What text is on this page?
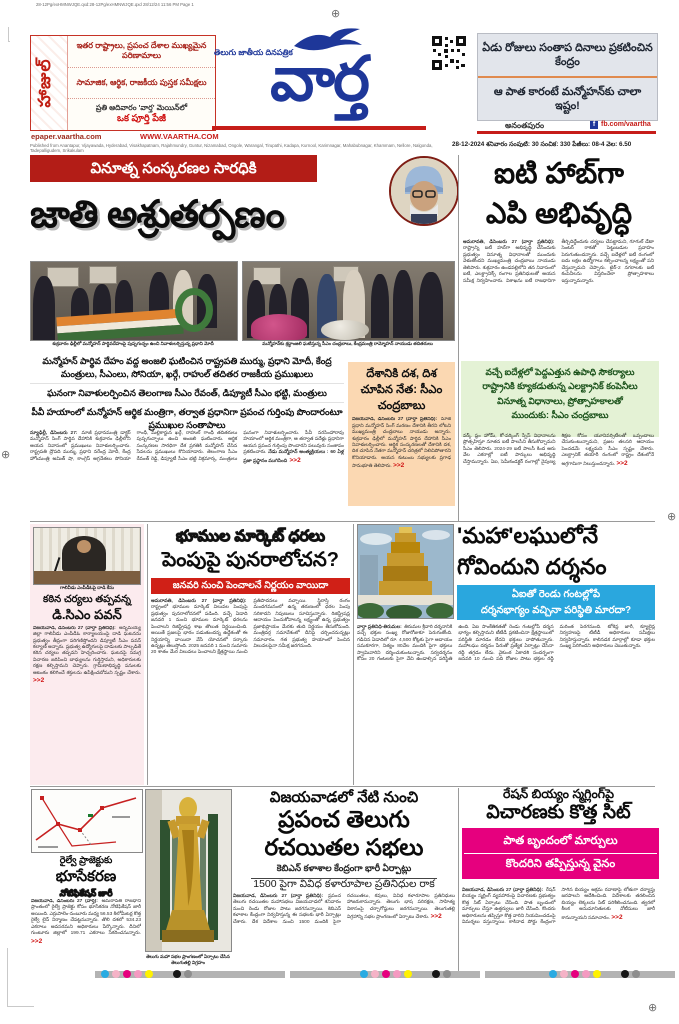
28-12Pg/exHMNWJQE.qxd:28-12Pg/exHMNWJQE.qxd 28/12/24 11:56 PM Page 1
⊕
⊕
⊕
⊕
హాజుల్
ఇతర రాష్ట్రాలు, ప్రపంచ దేశాల ముఖ్యమైన పరిణామాలు
సామాజిక, ఆర్థిక, రాజకీయ పుస్తక సమీక్షలు
ప్రతి ఆదివారం 'వార్త' మెయిన్‌లో
ఒక పూర్తి పేజీ
epaper.vaartha.com	WWW.VAARTHA.COM
తెలుగు జాతీయ దినపత్రిక
వార్త	ఏడు రోజులు సంతాప దినాలు ప్రకటించిన కేంద్రం
ఆ పాత కారంటే మన్మోహన్‌కు చాలా ఇష్టం!
అనంతపురం	f fb.com/vaartha
Published from Anantapur, Vijayawada, Hyderabad, Visakhapatnam, Rajahmundry, Guntur, Nizamabad, Ongole, Warangal, Tirupathi, Kadapa, Kurnool, Karimnagar, Mahabubnagar, Khammam, Nellore, Nalgonda, Tadepalligudem, Srikakulam
28-12-2024 శనివారం సంపుటి: 30 సంచిక: 330 పేజీలు: 08-4 వెల: 6.50
వినూత్న సంస్కరణల సారధికి
జాతి అశ్రుతర్పణం
శుక్రవారం ఢిల్లీలో మన్మోహన్ పార్థివదేహంపై పుష్పగుచ్ఛం ఉంచి నివాళులర్పిస్తున్న ప్రధాని మోదీ	మన్మోహన్‌కు శ్రద్ధాంజలి ఘటిస్తున్న సీఎం చంద్రబాబు, కేంద్రమంత్రి రామ్మోహన్ నాయుడు తదితరులు

మన్మోహన్ పార్థివ దేహం వద్ద అంజలి ఘటించిన రాష్ట్రపతి ముర్ము, ప్రధాని మోదీ, కేంద్ర మంత్రులు, సీఎంలు, సోనియా, ఖర్గే, రాహుల్ తదితర రాజకీయ ప్రముఖులు

ఘనంగా నివాళులర్పించిన తెలంగాణ సీఎం రేవంత్, డిప్యూటీ సీఎం భట్టి, మంత్రులు

పీవీ హయాంలో మన్మోహన్ ఆర్థిక మంత్రిగా, తర్వాత ప్రధానిగా ప్రపంచ గుర్తింపు పొందారంటూ ప్రముఖుల సంతాపాలు

న్యూఢిల్లీ, డిసెంబరు 27: మాజీ ప్రధానమంత్రి డాక్టర్ మన్మోహన్ సింగ్ పార్థివ దేహానికి శుక్రవారం ఢిల్లీలోని ఆయన నివాసంలో ప్రముఖులు నివాళులర్పించారు. రాష్ట్రపతి ద్రౌపది ముర్ము, ప్రధాని నరేంద్ర మోదీ, కేంద్ర హోంమంత్రి అమిత్ షా, కాంగ్రెస్ అగ్రనేతలు సోనియా గాంధీ, మల్లికార్జున ఖర్గే, రాహుల్ గాంధీ తదితరులు పుష్పగుచ్ఛాలు ఉంచి అంజలి ఘటించారు. ఆర్థిక సంస్కరణల సారధిగా దేశ ప్రగతికి మన్మోహన్ చేసిన సేవలను ప్రముఖులు కొనియాడారు. తెలంగాణ సీఎం రేవంత్ రెడ్డి, డిప్యూటీ సీఎం భట్టి విక్రమార్క, మంత్రులు ఘనంగా నివాళులర్పించారు. పీవీ నరసింహారావు హయాంలో ఆర్థిక మంత్రిగా, ఆ తర్వాత పదేళ్లు ప్రధానిగా ఆయన ప్రపంచ గుర్తింపు పొందారని పలువురు సంతాపం ప్రకటించారు. నేడు మన్మోహన్ అంత్యక్రియలు : 60 ఏళ్ల ప్రజా ప్రస్థానం ముగిసింది >>2
దేశానికి దశ, దిశ చూపిన నేత: సీఎం చంద్రబాబు
విజయవాడ, డిసెంబరు 27 (వార్తా ప్రతినిధి): మాజీ ప్రధాని మన్మోహన్ సింగ్ మరణం దేశానికి తీరని లోటని ముఖ్యమంత్రి చంద్రబాబు నాయుడు అన్నారు. శుక్రవారం ఢిల్లీలో మన్మోహన్ పార్థివ దేహానికి సీఎం నివాళులర్పించారు. ఆర్థిక సంస్కరణలతో దేశానికి దశ, దిశ చూపిన నేతగా మన్మోహన్ చరిత్రలో నిలిచిపోతారని కొనియాడారు. ఆయన కుటుంబ సభ్యులకు ప్రగాఢ సానుభూతి తెలిపారు. >>2
ఐటి హాబ్‌గా
ఎపి అభివృద్ధి
అమరావతి, డిసెంబరు 27 (వార్తా ప్రతినిధి): రాష్ట్రాన్ని ఐటీ హబ్‌గా అభివృద్ధి చేసేందుకు ప్రభుత్వం వినూత్న విధానాలతో ముందుకు వెళుతోందని ముఖ్యమంత్రి చంద్రబాబు నాయుడు తెలిపారు. శుక్రవారం ఉండవల్లిలోని తన నివాసంలో ఐటీ, ఎలక్ట్రానిక్స్ రంగాల ప్రతినిధులతో ఆయన సమీక్ష నిర్వహించారు. విశాఖను ఐటీ రాజధానిగా తీర్చిదిద్దేందుకు చర్యలు చేపట్టామని, గూగుల్ డేటా సెంటర్ రాకతో పెట్టుబడుల ప్రవాహం పెరుగుతుందన్నారు. వచ్చే ఐదేళ్లలో ఐటీ రంగంలో ఐదు లక్షల ఉద్యోగాలు కల్పించాలన్న లక్ష్యంతో పని చేస్తున్నామని చెప్పారు. టైర్-2 నగరాలకు ఐటీ కంపెనీలను విస్తరించేలా ప్రోత్సాహకాలు ఇస్తున్నామన్నారు.
వచ్చే ఐదేళ్లలో పెద్దఎత్తున ఉపాధి సౌకర్యాలు
రాష్ట్రానికి క్యూకడుతున్న ఎలక్ట్రానిక్ కంపెనీలు
వినూత్న విధానాలు, ప్రోత్సాహకాలతో
ముందుకు: సీఎం చంద్రబాబు
వర్క్ ఫ్రం హోమ్, కో-వర్కింగ్ స్పేస్ విధానాలను ప్రోత్సహిస్తూ నూతన ఐటీ పాలసీని తీసుకొచ్చామని సీఎం తెలిపారు. 2024-29 ఐటీ పాలసీ కింద ఆరు వేల ఎకరాల్లో ఐటీ పార్కులు అభివృద్ధి చేస్తామన్నారు. ఏఐ, సెమీకండక్టర్ రంగాల్లో నైపుణ్య శిక్షణ కోసం యూనివర్సిటీలతో ఒప్పందాలు చేసుకుంటున్నామని, ప్రజల తలసరి ఆదాయం పెంచడమే లక్ష్యమని సీఎం స్పష్టం చేశారు. ఎలక్ట్రానిక్ తయారీ రంగంలో రాష్ట్రం దేశంలోనే అగ్రగామిగా నిలుస్తుందన్నారు. >>2
గాలివీడు ఎంపీడీఓపై దాడి కేసు
కఠిన చర్యలు తప్పవన్న
డి.సిఎం పవన్
విజయవాడ, డిసెంబరు 27 (వార్తా ప్రతినిధి): అన్నమయ్య జిల్లా గాలివీడు ఎంపీడీఓ కార్యాలయంపై దాడి ఘటనను ప్రభుత్వం తీవ్రంగా పరిగణిస్తోందని డిప్యూటీ సీఎం పవన్ కల్యాణ్ అన్నారు. ప్రభుత్వ ఉద్యోగులపై దాడులకు పాల్పడితే కఠిన చర్యలు తప్పవని హెచ్చరించారు. ఘటనపై సమగ్ర విచారణ జరిపించి బాధ్యులను గుర్తిస్తామని, అధికారులకు రక్షణ కల్పిస్తామని చెప్పారు. గ్రామీణాభివృద్ధి పనులకు ఆటంకం కలిగించే శక్తులను ఉపేక్షించబోమని స్పష్టం చేశారు. >>2
భూముల మార్కెట్ ధరలు
పెంపుపై పునరాలోచన?
జనవరి నుంచి పెంచాలనే నిర్ణయం వాయిదా
అమరావతి, డిసెంబరు 27 (వార్తా ప్రతినిధి): రాష్ట్రంలో భూముల మార్కెట్ విలువల పెంపుపై ప్రభుత్వం పునరాలోచనలో పడింది. వచ్చే ఏడాది జనవరి 1 నుంచి భూముల మార్కెట్ ధరలను పెంచాలని రిజిస్ట్రేషన్ల శాఖ తొలుత నిర్ణయించింది. అయితే ప్రజలపై భారం పడుతుందన్న ఉద్దేశంతో ఈ నిర్ణయాన్ని వాయిదా వేసే యోచనలో సర్కారు ఉన్నట్లు తెలుస్తోంది. 2025 జనవరి 1 నుంచి సుమారు 20 శాతం మేర విలువలు పెంచాలని క్షేత్రస్థాయి నుంచి ప్రతిపాదనలు వచ్చాయి. స్థిరాస్తి రంగం మందగమనంలో ఉన్న తరుణంలో ధరల పెంపు సరికాదని నిపుణులు సూచిస్తున్నారు. రిజిస్ట్రేషన్ల ఆదాయం పెంచుకోవాలన్న లక్ష్యంతో ఉన్న ప్రభుత్వం ప్రజాభిప్రాయం మేరకు తుది నిర్ణయం తీసుకోనుంది. మంత్రివర్గ సమావేశంలో దీనిపై చర్చించనున్నట్లు సమాచారం. గత ప్రభుత్వ హయాంలో పెంచిన విలువలపైనా సమీక్ష జరగనుంది.
'మహా'లఘులోనే
గోవిందుని దర్శనం
ఏఐతో రెండు గంటల్లోపే
దర్శనభాగ్యం వచ్చినా పరిస్థితి మారదా?
వార్తా ప్రతినిధి-తిరుమల: తిరుమల శ్రీవారి దర్శనానికి వచ్చే భక్తుల సంఖ్య రోజురోజుకూ పెరుగుతోంది. గడిచిన ఏడాదిలో రూ. 4,500 కోట్లకు పైగా ఆదాయం సమకూరగా, నిత్యం 80వేల మందికి పైగా భక్తులు స్వామివారిని దర్శించుకుంటున్నారు. సర్వదర్శనం కోసం 20 గంటలకు పైగా వేచి ఉండాల్సిన పరిస్థితి ఉంది. ఏఐ సాంకేతికతతో రెండు గంటల్లోపే దర్శన భాగ్యం కల్పిస్తామని టీటీడీ ప్రకటించినా క్షేత్రస్థాయిలో పరిస్థితి మారడం లేదని భక్తులు వాపోతున్నారు. మహాలఘు దర్శనం పేరుతో ప్రత్యేక ఏర్పాట్లు చేసినా రద్దీ తగ్గడం లేదు. వైకుంఠ ఏకాదశి సందర్భంగా జనవరి 10 నుంచి పది రోజుల పాటు భక్తుల రద్దీ మరింత పెరగనుంది. టోకెన్ల జారీ, క్యూలైన్ల నిర్వహణపై టీటీడీ అధికారులు సమీక్షలు నిర్వహిస్తున్నారు. కాలినడక మార్గాల్లో కూడా భక్తుల సంఖ్య పెరిగిందని అధికారులు చెబుతున్నారు.
రైల్వే ప్రాజెక్టుకు
భూసేకరణ
నోటిఫికేషన్ జారీ
విజయవాడ, డిసెంబరు 27 (వార్త): అమరావతి రాజధాని ప్రాంతంలో రైల్వే ప్రాజెక్టు కోసం భూసేకరణ నోటిఫికేషన్ జారీ అయింది. ఎర్రుపాలెం-నంబూరు మధ్య 56.53 కిలోమీటర్ల కొత్త రైల్వే లైన్ నిర్మాణం చేపట్టనున్నారు. తొలి దశలో 534.23 ఎకరాలు అవసరమని అధికారులు పేర్కొన్నారు. దీనిలో గుంటూరు జిల్లాలో 199.71 ఎకరాలు సేకరించనున్నారు. >>2
తెలుగు మహా సభల ప్రాంగణంలో ఏర్పాటు చేసిన తెలుగుతల్లి విగ్రహం
విజయవాడలో నేటి నుంచి
ప్రపంచ తెలుగు
రచయితల సభలు
కెబిఎన్ కళాశాల కేంద్రంగా భారీ ఏర్పాట్లు
1500 పైగా వివిధ కళారూపాల ప్రతినిధుల రాక
విజయవాడ, డిసెంబరు 27 (వార్తా ప్రతినిధి): ప్రపంచ తెలుగు రచయితల మహాసభలు విజయవాడలో శనివారం నుంచి రెండు రోజుల పాటు జరగనున్నాయి. కెబిఎన్ కళాశాల కేంద్రంగా నిర్వహిస్తున్న ఈ సభలకు భారీ ఏర్పాట్లు చేశారు. దేశ విదేశాల నుంచి 1500 మందికి పైగా రచయితలు, కవులు, వివిధ కళారూపాల ప్రతినిధులు హాజరుకానున్నారు. తెలుగు భాష పరిరక్షణ, సాహిత్య వికాసంపై చర్చాగోష్ఠులు జరగనున్నాయి. తెలుగుతల్లి విగ్రహాన్ని సభల ప్రాంగణంలో ఏర్పాటు చేశారు. >>2
రేషన్ బియ్యం స్మగ్లింగ్‌పై
విచారణకు కొత్త సిట్
పాత బృందంలో మార్పులు
కొందరిని తప్పిస్తున్న వైనం
విజయవాడ, డిసెంబరు 27 (వార్తా ప్రతినిధి): రేషన్ బియ్యం స్మగ్లింగ్ వ్యవహారంపై విచారణకు ప్రభుత్వం కొత్త సిట్ ఏర్పాటు చేసింది. పాత బృందంలో మార్పులు చేస్తూ ఉత్తర్వులు జారీ చేసింది. కొందరు అధికారులను తప్పిస్తూ కొత్త వారిని నియమించడంపై విమర్శలు వస్తున్నాయి. కాకినాడ పోర్టు కేంద్రంగా సాగిన బియ్యం అక్రమ రవాణాపై లోతుగా దర్యాప్తు జరపాలని ఆదేశించింది. విదేశాలకు తరలించిన బియ్యం లెక్కలను సిట్ పరిశీలించనుంది. త్వరలో కీలక అనుమానితులకు నోటీసులు జారీ కానున్నాయని సమాచారం. >>2
